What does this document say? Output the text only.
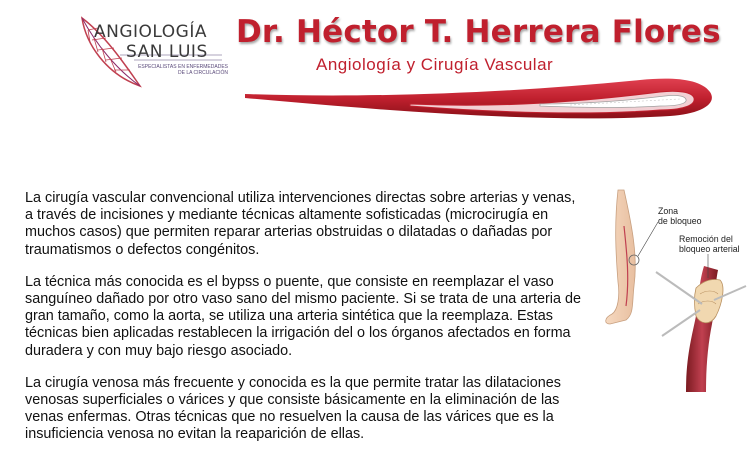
ANGIOLOGÍA
SAN LUIS
ESPECIALISTAS EN ENFERMEDADES
DE LA CIRCULACIÓN
Dr. Héctor T. Herrera Flores
Angiología y Cirugía Vascular

La cirugía vascular convencional utiliza intervenciones directas sobre arterias y venas, a través de incisiones y mediante técnicas altamente sofisticadas (microcirugía en muchos casos) que permiten reparar arterias obstruidas o dilatadas o dañadas por traumatismos o defectos congénitos.

La técnica más conocida es el bypss o puente, que consiste en reemplazar el vaso sanguíneo dañado por otro vaso sano del mismo paciente. Si se trata de una arteria de gran tamaño, como la aorta, se utiliza una arteria sintética que la reemplaza. Estas técnicas bien aplicadas restablecen la irrigación del o los órganos afectados en forma duradera y con muy bajo riesgo asociado.

La cirugía venosa más frecuente y conocida es la que permite tratar las dilataciones venosas superficiales o várices y que consiste básicamente en la eliminación de las venas enfermas. Otras técnicas que no resuelven la causa de las várices que es la insuficiencia venosa no evitan la reaparición de ellas.

Zona
de bloqueo
Remoción del
bloqueo arterial
